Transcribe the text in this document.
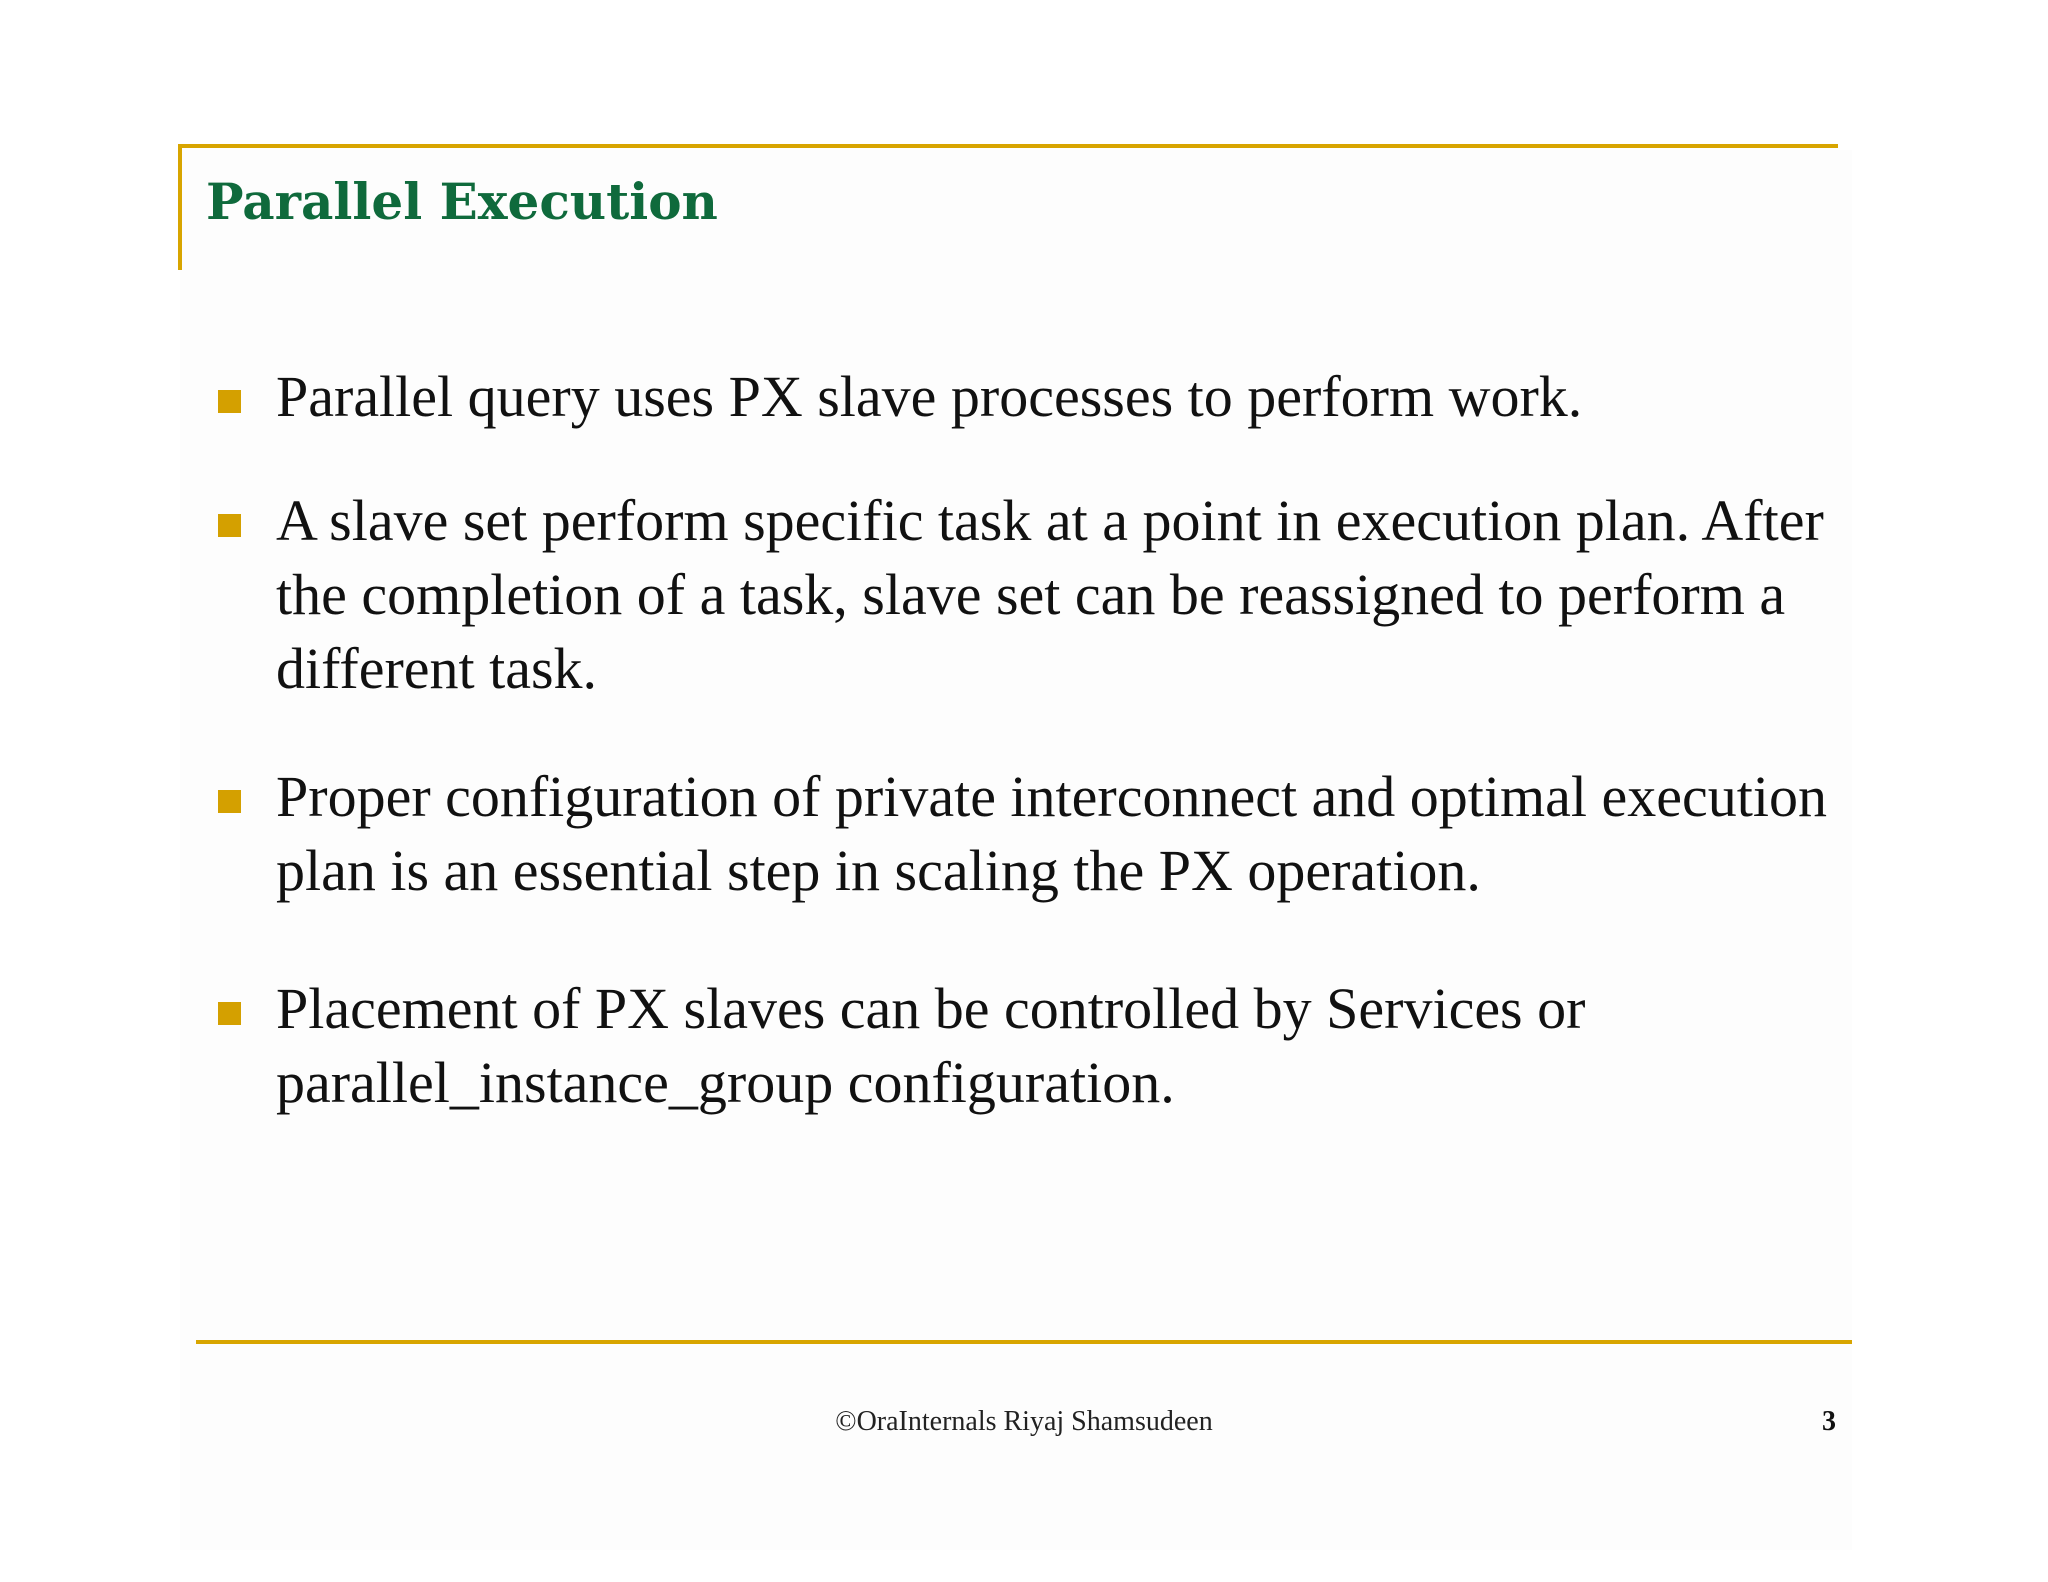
Parallel Execution
Parallel query uses PX slave processes to perform work.
A slave set perform specific task at a point in execution plan. After the completion of a task, slave set can be reassigned to perform a different task.
Proper configuration of private interconnect and optimal execution plan is an essential step in scaling the PX operation.
Placement of PX slaves can be controlled by Services or parallel_instance_group configuration.
©OraInternals Riyaj Shamsudeen	3
